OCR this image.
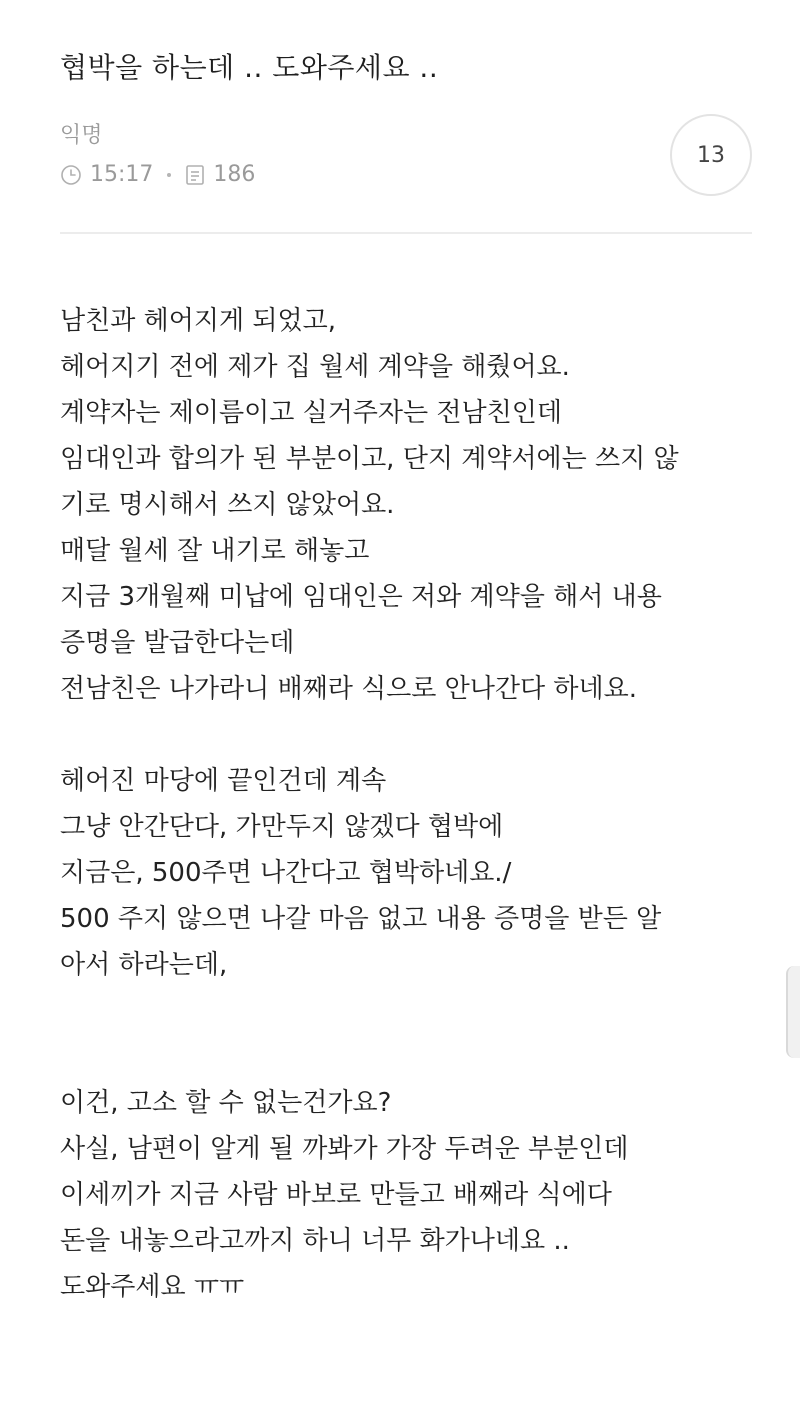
협박을 하는데 .. 도와주세요 ..
익명
15:17	186
13
남친과 헤어지게 되었고,
헤어지기 전에 제가 집 월세 계약을 해줬어요.
계약자는 제이름이고 실거주자는 전남친인데
임대인과 합의가 된 부분이고, 단지 계약서에는 쓰지 않
기로 명시해서 쓰지 않았어요.
매달 월세 잘 내기로 해놓고
지금 3개월째 미납에 임대인은 저와 계약을 해서 내용
증명을 발급한다는데
전남친은 나가라니 배째라 식으로 안나간다 하네요.
헤어진 마당에 끝인건데 계속
그냥 안간단다, 가만두지 않겠다 협박에
지금은, 500주면 나간다고 협박하네요./
500 주지 않으면 나갈 마음 없고 내용 증명을 받든 알
아서 하라는데,
이건, 고소 할 수 없는건가요?
사실, 남편이 알게 될 까봐가 가장 두려운 부분인데
이세끼가 지금 사람 바보로 만들고 배째라 식에다
돈을 내놓으라고까지 하니 너무 화가나네요 ..
도와주세요 ㅠㅠ
